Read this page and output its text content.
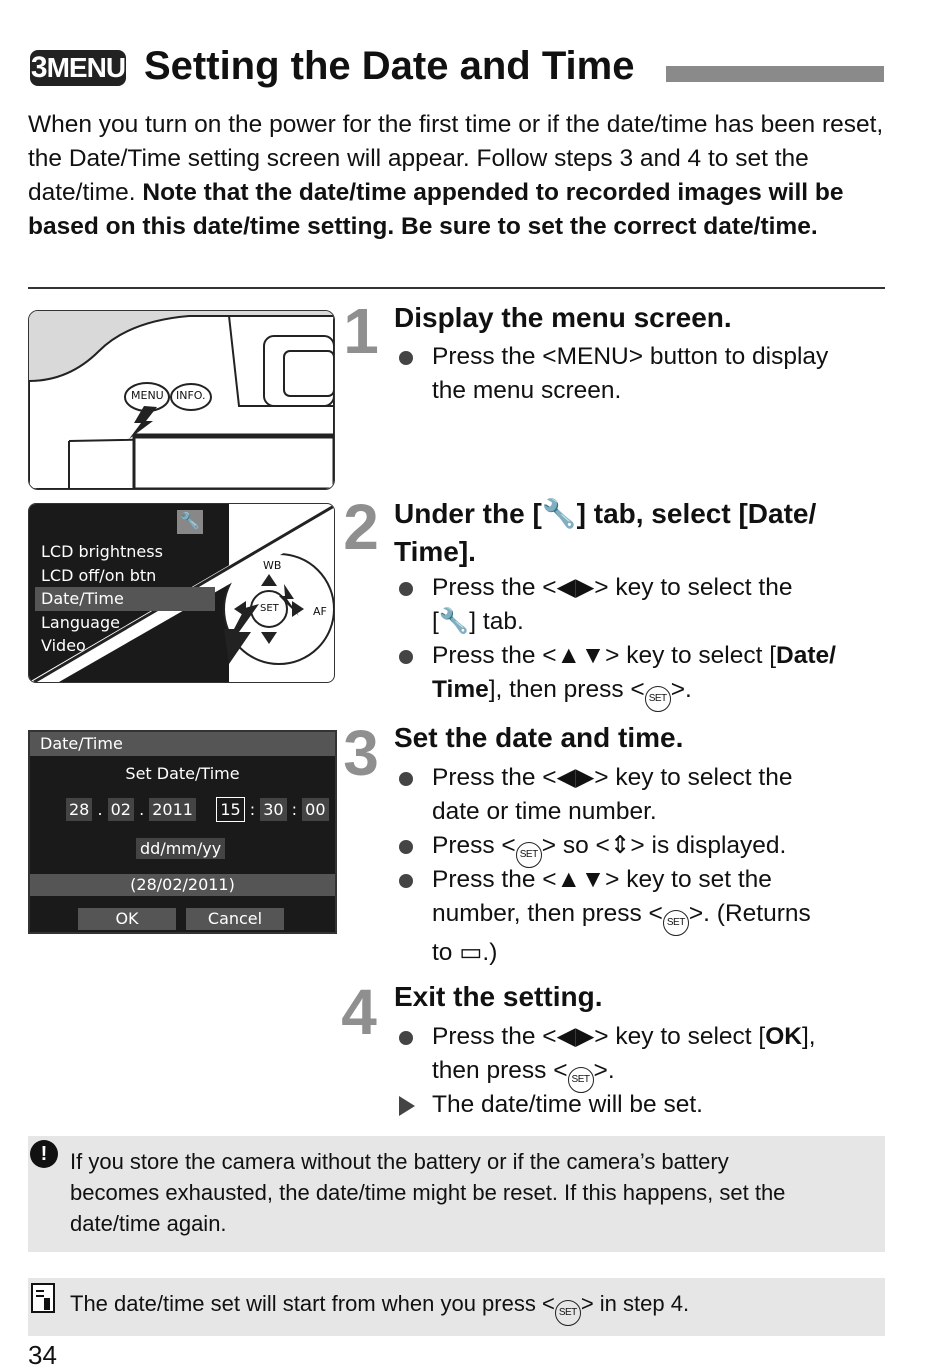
3MENU Setting the Date and Time
When you turn on the power for the first time or if the date/time has been reset, the Date/Time setting screen will appear. Follow steps 3 and 4 to set the date/time. Note that the date/time appended to recorded images will be based on this date/time setting. Be sure to set the correct date/time.
MENU INFO.
🔧
LCD brightness
LCD off/on btn
Date/Time
Language
Video
WB
SET	AF
Date/Time
Set Date/Time
28 . 02 . 2011 15 : 30 : 00
dd/mm/yy
(28/02/2011)
OK	Cancel
1 Display the menu screen.
Press the <MENU> button to display
the menu screen.
2 Under the [🔧] tab, select [Date/
Time].
Press the <◀▶> key to select the
[🔧] tab.
Press the <▲▼> key to select [Date/
Time], then press < SET >.
3 Set the date and time.
Press the <◀▶> key to select the
date or time number.
Press < SET > so <⇕> is displayed.
Press the <▲▼> key to set the
number, then press < SET >. (Returns
to ▭.)
4 Exit the setting.
Press the <◀▶> key to select [OK],
then press < SET >.
The date/time will be set.
!	If you store the camera without the battery or if the camera’s battery
becomes exhausted, the date/time might be reset. If this happens, set the
date/time again.
The date/time set will start from when you press < SET > in step 4.
34
